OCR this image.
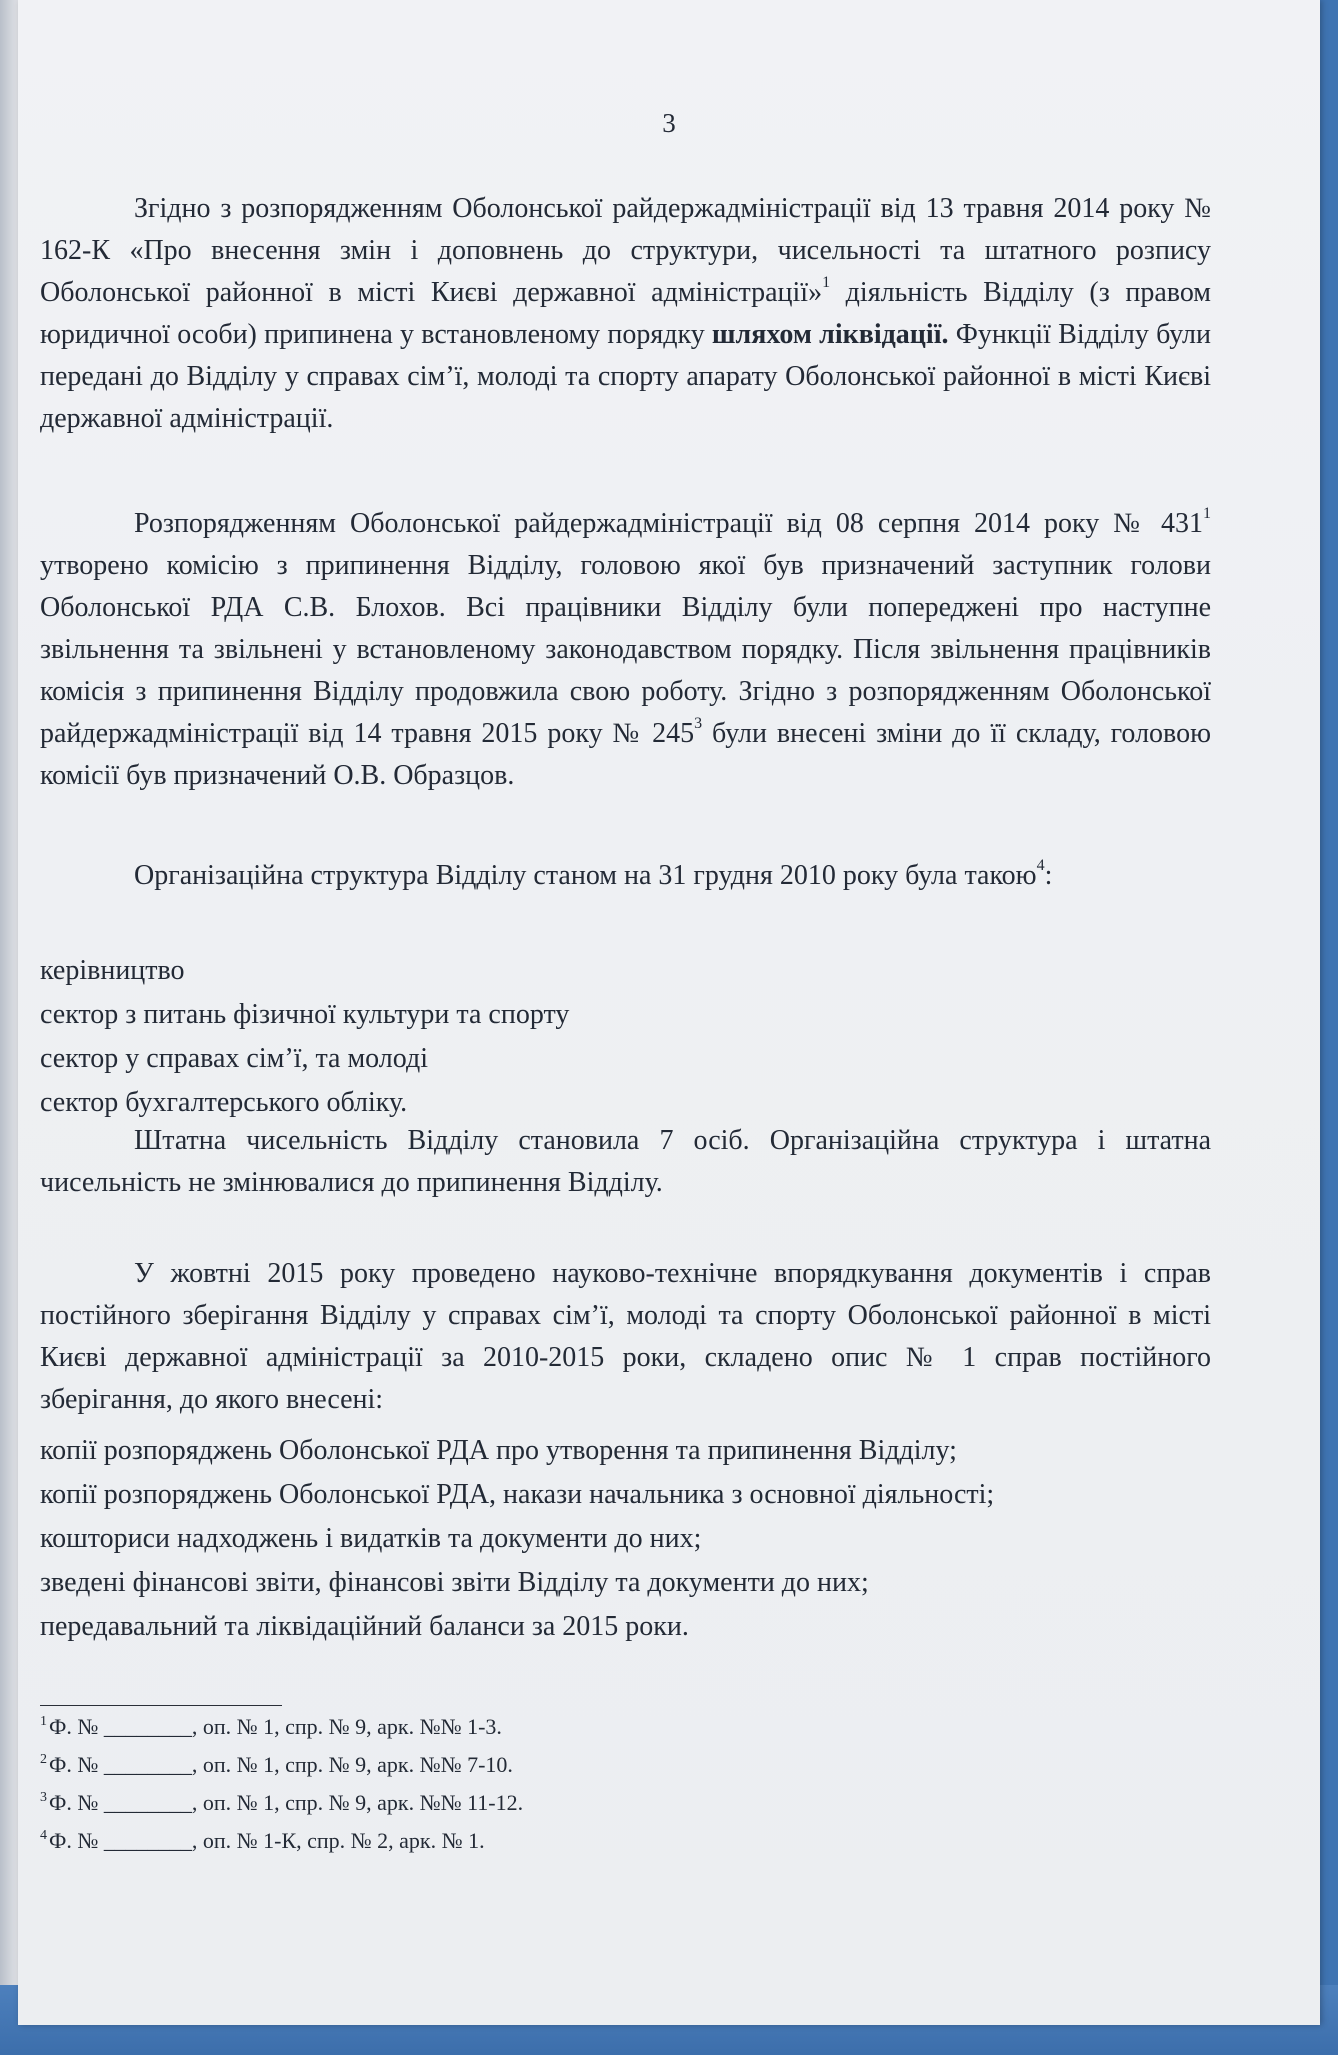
3

Згідно з розпорядженням Оболонської райдержадміністрації від 13 травня 2014 року № 162-К «Про внесення змін і доповнень до структури, чисельності та штатного розпису Оболонської районної в місті Києві державної адміністрації»$^1$ діяльність Відділу (з правом юридичної особи) припинена у встановленому порядку шляхом ліквідації. Функції Відділу були передані до Відділу у справах сім’ї, молоді та спорту апарату Оболонської районної в місті Києві державної адміністрації.

Розпорядженням Оболонської райдержадміністрації від 08 серпня 2014 року № $431^1$ утворено комісію з припинення Відділу, головою якої був призначений заступник голови Оболонської РДА С.В. Блохов. Всі працівники Відділу були попереджені про наступне звільнення та звільнені у встановленому законодавством порядку. Після звільнення працівників комісія з припинення Відділу продовжила свою роботу. Згідно з розпорядженням Оболонської райдержадміністрації від 14 травня 2015 року № $245^3$ були внесені зміни до її складу, головою комісії був призначений О.В. Образцов.

Організаційна структура Відділу станом на 31 грудня 2010 року була такою$^4$:

керівництво

сектор з питань фізичної культури та спорту

сектор у справах сім’ї, та молоді

сектор бухгалтерського обліку.

Штатна чисельність Відділу становила 7 осіб. Організаційна структура і штатна чисельність не змінювалися до припинення Відділу.

У жовтні 2015 року проведено науково-технічне впорядкування документів і справ постійного зберігання Відділу у справах сім’ї, молоді та спорту Оболонської районної в місті Києві державної адміністрації за 2010-2015 роки, складено опис № 1 справ постійного зберігання, до якого внесені:

копії розпоряджень Оболонської РДА про утворення та припинення Відділу;

копії розпоряджень Оболонської РДА, накази начальника з основної діяльності;

кошториси надходжень і видатків та документи до них;

зведені фінансові звіти, фінансові звіти Відділу та документи до них;

передавальний та ліквідаційний баланси за 2015 роки.

$^1$Ф. № ________, оп. № 1, спр. № 9, арк. №№ 1-3.

$^2$Ф. № ________, оп. № 1, спр. № 9, арк. №№ 7-10.

$^3$Ф. № ________, оп. № 1, спр. № 9, арк. №№ 11-12.

$^4$Ф. № ________, оп. № 1-К, спр. № 2, арк. № 1.
